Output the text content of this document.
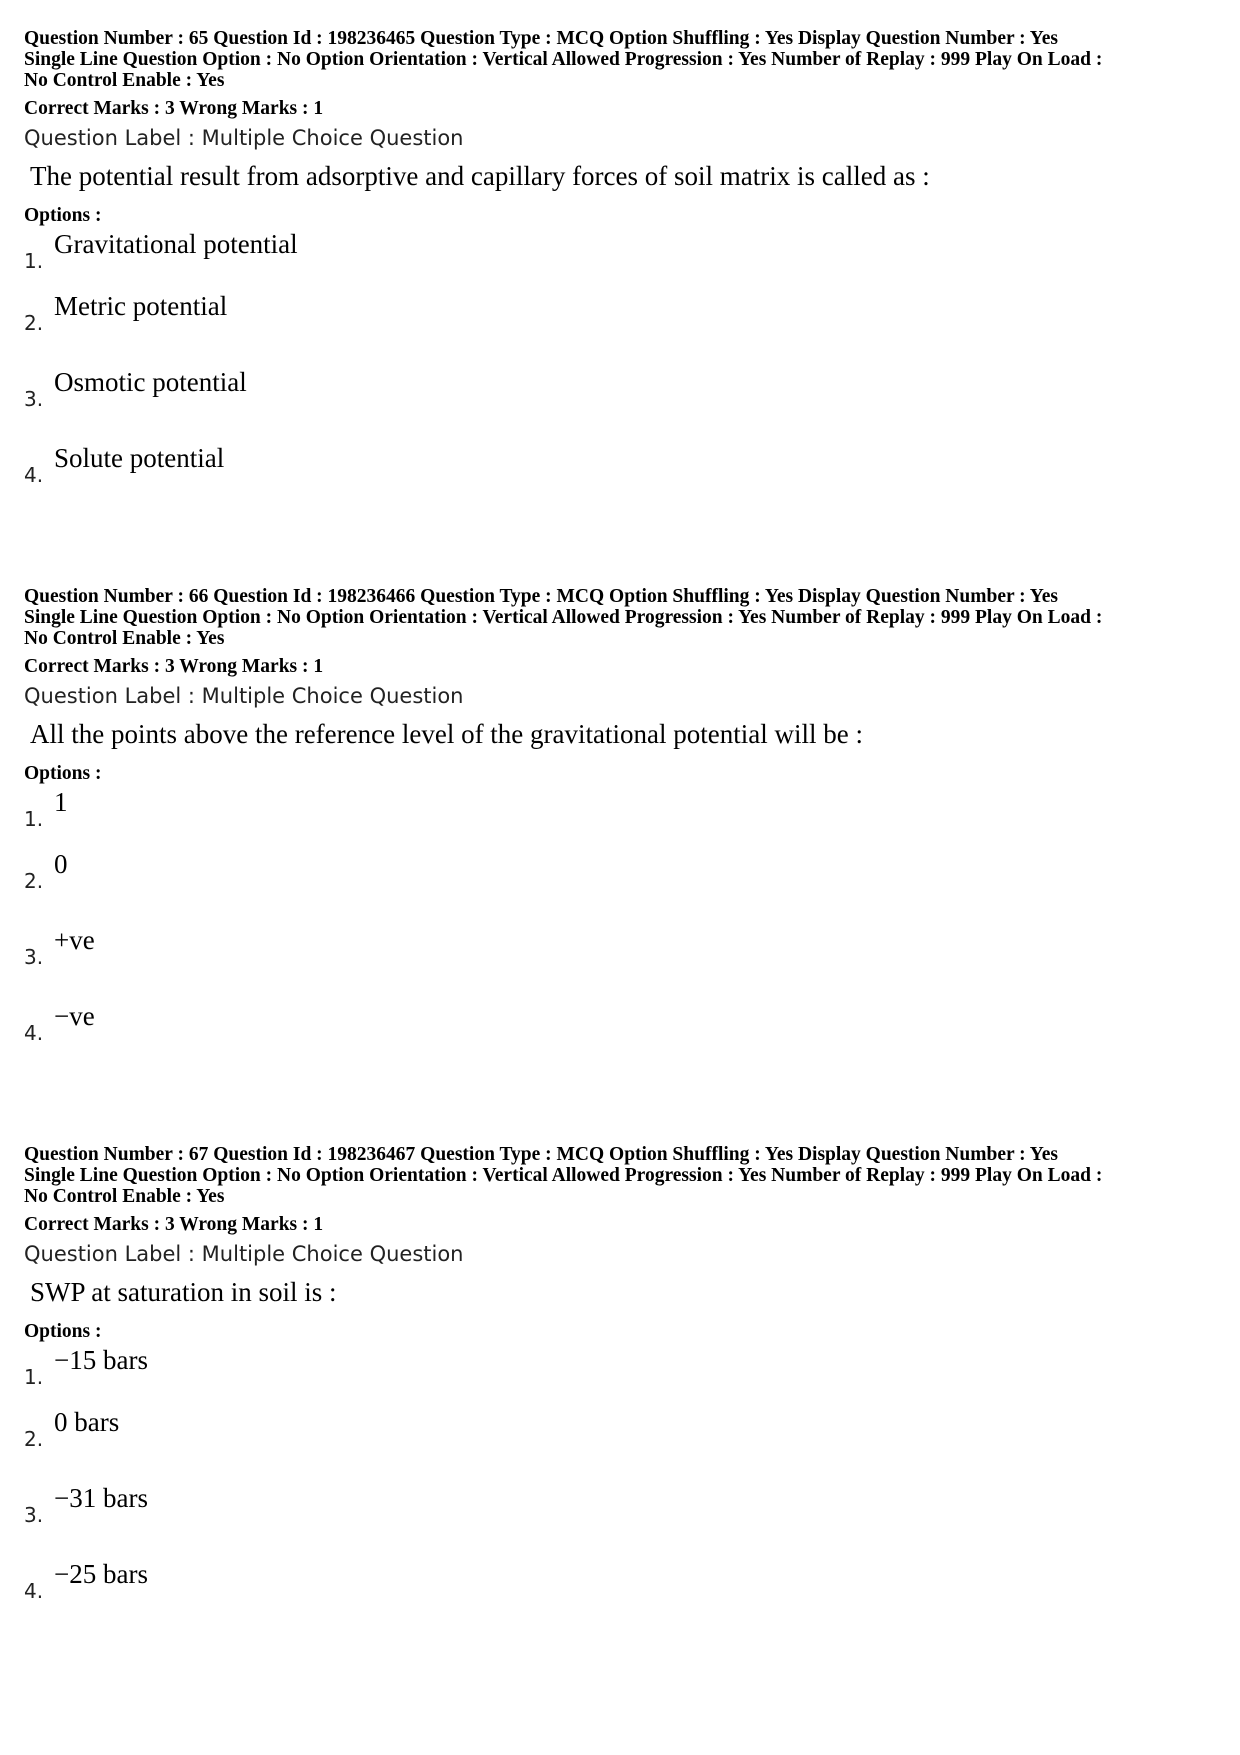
Question Number : 65 Question Id : 198236465 Question Type : MCQ Option Shuffling : Yes Display Question Number : Yes

Single Line Question Option : No Option Orientation : Vertical Allowed Progression : Yes Number of Replay : 999 Play On Load :

No Control Enable : Yes

Correct Marks : 3 Wrong Marks : 1
Question Label : Multiple Choice Question
The potential result from adsorptive and capillary forces of soil matrix is called as :
Options :
1.
Gravitational potential
2.
Metric potential
3.
Osmotic potential
4.
Solute potential

Question Number : 66 Question Id : 198236466 Question Type : MCQ Option Shuffling : Yes Display Question Number : Yes

Single Line Question Option : No Option Orientation : Vertical Allowed Progression : Yes Number of Replay : 999 Play On Load :

No Control Enable : Yes

Correct Marks : 3 Wrong Marks : 1
Question Label : Multiple Choice Question
All the points above the reference level of the gravitational potential will be :
Options :
1.
1
2.
0
3.
+ve
4.
−ve

Question Number : 67 Question Id : 198236467 Question Type : MCQ Option Shuffling : Yes Display Question Number : Yes

Single Line Question Option : No Option Orientation : Vertical Allowed Progression : Yes Number of Replay : 999 Play On Load :

No Control Enable : Yes

Correct Marks : 3 Wrong Marks : 1
Question Label : Multiple Choice Question
SWP at saturation in soil is :
Options :
1.
−15 bars
2.
0 bars
3.
−31 bars
4.
−25 bars
